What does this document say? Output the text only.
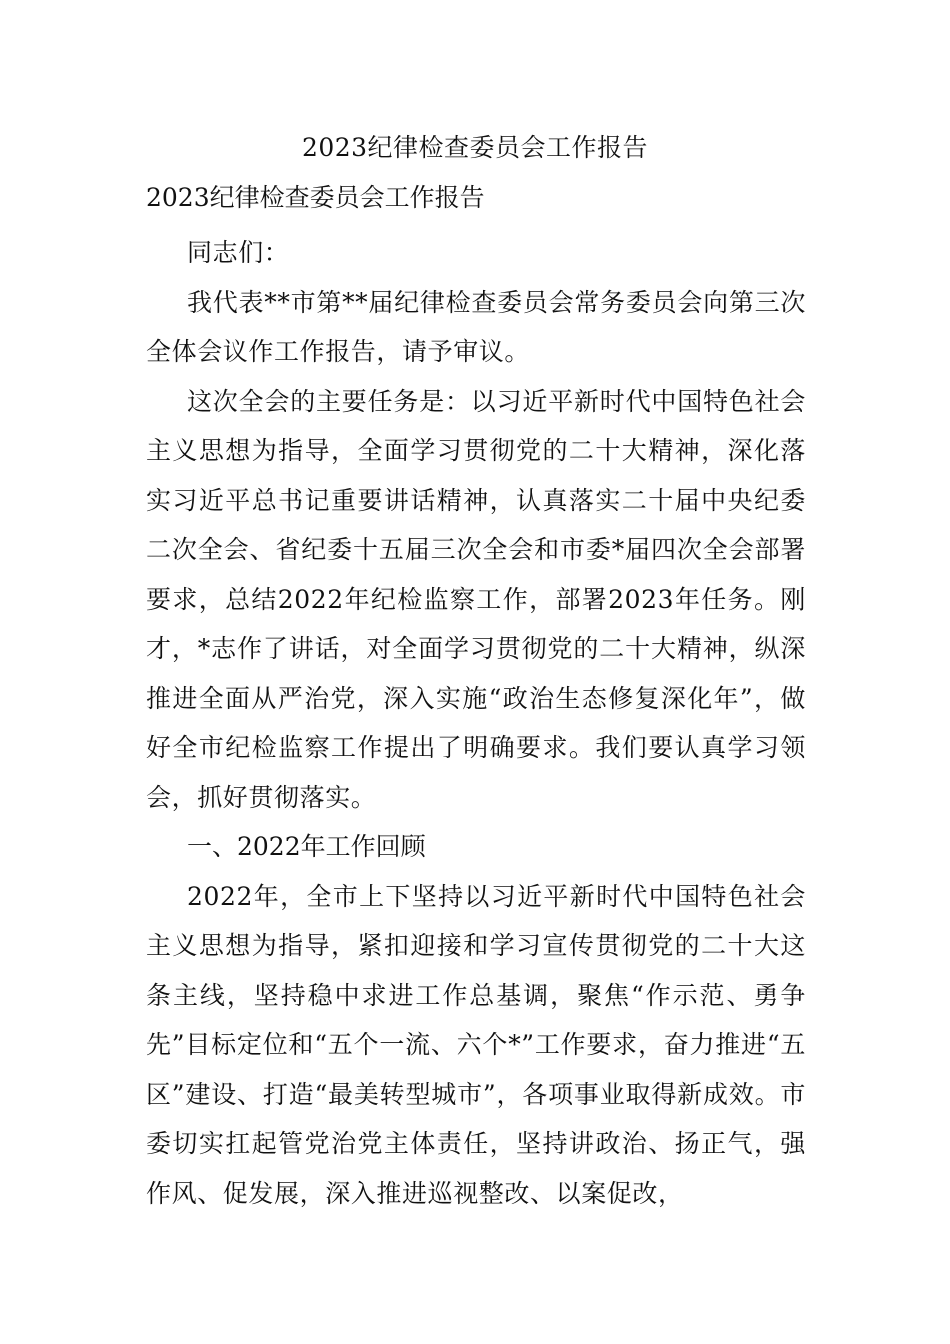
2023纪律检查委员会工作报告
2023纪律检查委员会工作报告

同志们：

我代表**市第**届纪律检查委员会常务委员会向第三次全体会议作工作报告，请予审议。

这次全会的主要任务是：以习近平新时代中国特色社会主义思想为指导，全面学习贯彻党的二十大精神，深化落实习近平总书记重要讲话精神，认真落实二十届中央纪委二次全会、省纪委十五届三次全会和市委*届四次全会部署要求，总结2022年纪检监察工作，部署2023年任务。刚才，*志作了讲话，对全面学习贯彻党的二十大精神，纵深推进全面从严治党，深入实施“政治生态修复深化年”，做好全市纪检监察工作提出了明确要求。我们要认真学习领会，抓好贯彻落实。

一、2022年工作回顾

2022年，全市上下坚持以习近平新时代中国特色社会主义思想为指导，紧扣迎接和学习宣传贯彻党的二十大这条主线，坚持稳中求进工作总基调，聚焦“作示范、勇争先”目标定位和“五个一流、六个*”工作要求，奋力推进“五区”建设、打造“最美转型城市”，各项事业取得新成效。市委切实扛起管党治党主体责任，坚持讲政治、扬正气，强作风、促发展，深入推进巡视整改、以案促改，
